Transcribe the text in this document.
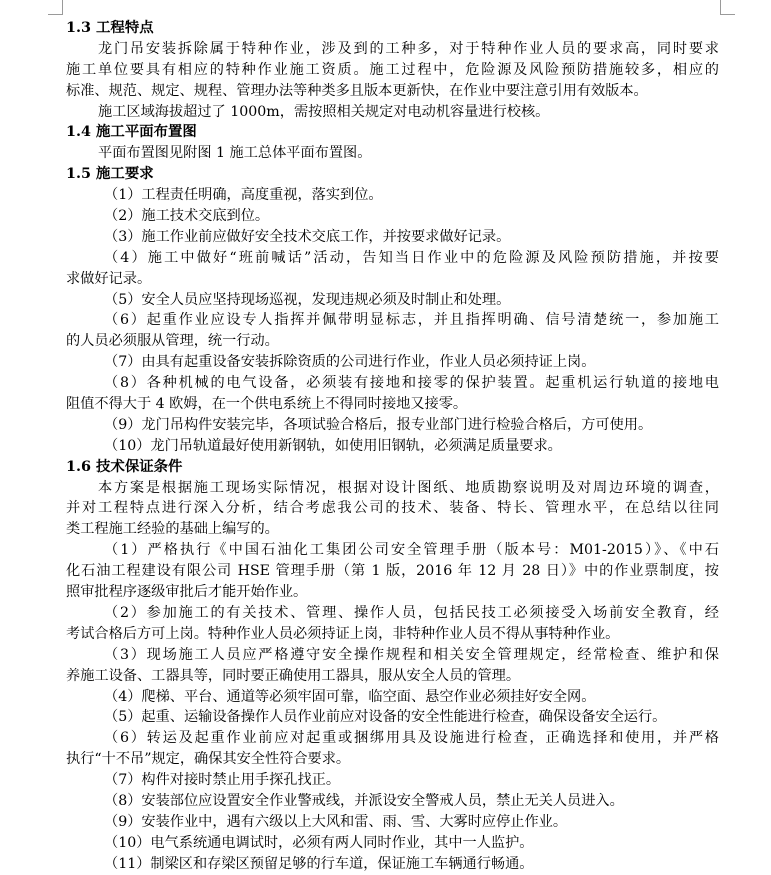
1.3 工程特点
龙门吊安装拆除属于特种作业，涉及到的工种多，对于特种作业人员的要求高，同时要求
施工单位要具有相应的特种作业施工资质。施工过程中，危险源及风险预防措施较多，相应的
标准、规范、规定、规程、管理办法等种类多且版本更新快，在作业中要注意引用有效版本。
施工区域海拔超过了 1000m，需按照相关规定对电动机容量进行校核。
1.4 施工平面布置图
平面布置图见附图 1 施工总体平面布置图。
1.5 施工要求
（1）工程责任明确，高度重视，落实到位。
（2）施工技术交底到位。
（3）施工作业前应做好安全技术交底工作，并按要求做好记录。
（4）施工中做好“班前喊话”活动，告知当日作业中的危险源及风险预防措施，并按要
求做好记录。
（5）安全人员应坚持现场巡视，发现违规必须及时制止和处理。
（6）起重作业应设专人指挥并佩带明显标志，并且指挥明确、信号清楚统一，参加施工
的人员必须服从管理，统一行动。
（7）由具有起重设备安装拆除资质的公司进行作业，作业人员必须持证上岗。
（8）各种机械的电气设备，必须装有接地和接零的保护装置。起重机运行轨道的接地电
阻值不得大于 4 欧姆，在一个供电系统上不得同时接地又接零。
（9）龙门吊构件安装完毕，各项试验合格后，报专业部门进行检验合格后，方可使用。
（10）龙门吊轨道最好使用新钢轨，如使用旧钢轨，必须满足质量要求。
1.6 技术保证条件
本方案是根据施工现场实际情况，根据对设计图纸、地质勘察说明及对周边环境的调查，
并对工程特点进行深入分析，结合考虑我公司的技术、装备、特长、管理水平，在总结以往同
类工程施工经验的基础上编写的。
（1）严格执行《中国石油化工集团公司安全管理手册（版本号：M01-2015）》、《中石
化石油工程建设有限公司 HSE 管理手册（第 1 版，2016 年 12 月 28 日）》中的作业票制度，按
照审批程序逐级审批后才能开始作业。
（2）参加施工的有关技术、管理、操作人员，包括民技工必须接受入场前安全教育，经
考试合格后方可上岗。特种作业人员必须持证上岗，非特种作业人员不得从事特种作业。
（3）现场施工人员应严格遵守安全操作规程和相关安全管理规定，经常检查、维护和保
养施工设备、工器具等，同时要正确使用工器具，服从安全人员的管理。
（4）爬梯、平台、通道等必须牢固可靠，临空面、悬空作业必须挂好安全网。
（5）起重、运输设备操作人员作业前应对设备的安全性能进行检查，确保设备安全运行。
（6）转运及起重作业前应对起重或捆绑用具及设施进行检查，正确选择和使用，并严格
执行“十不吊”规定，确保其安全性符合要求。
（7）构件对接时禁止用手探孔找正。
（8）安装部位应设置安全作业警戒线，并派设安全警戒人员，禁止无关人员进入。
（9）安装作业中，遇有六级以上大风和雷、雨、雪、大雾时应停止作业。
（10）电气系统通电调试时，必须有两人同时作业，其中一人监护。
（11）制梁区和存梁区预留足够的行车道，保证施工车辆通行畅通。
